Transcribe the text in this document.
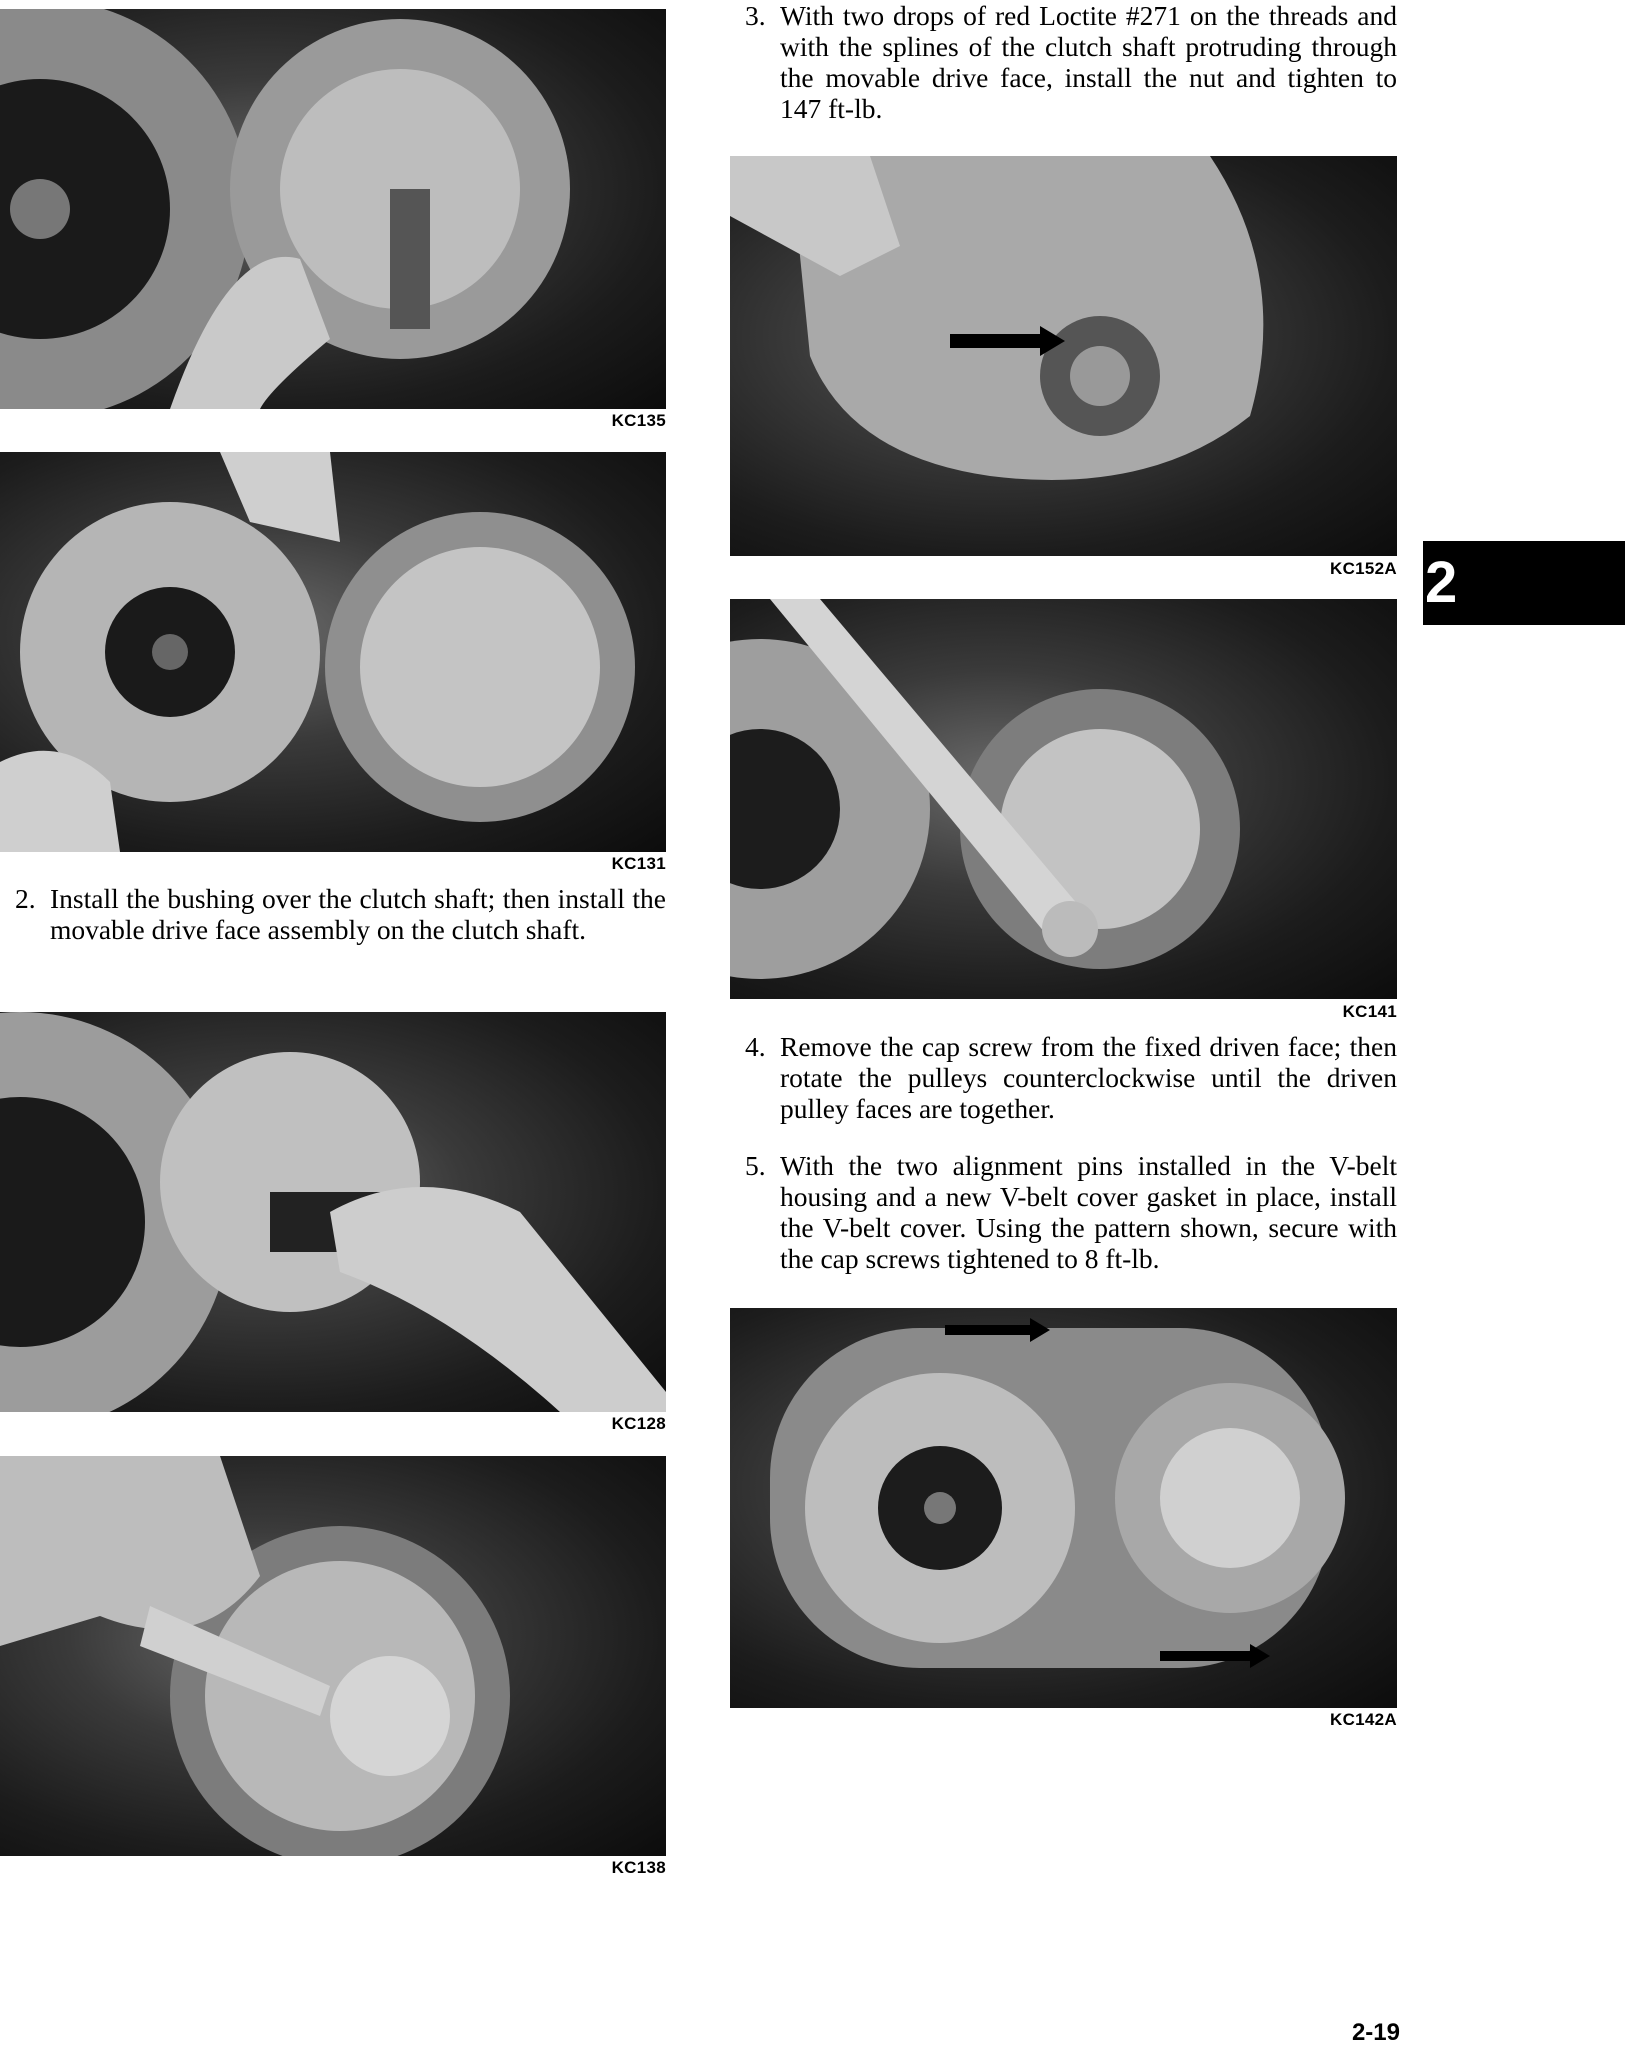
KC135
KC131
2. Install the bushing over the clutch shaft; then install the movable drive face assembly on the clutch shaft.
KC128
KC138
3. With two drops of red Loctite #271 on the threads and with the splines of the clutch shaft protruding through the movable drive face, install the nut and tighten to 147 ft-lb.
KC152A
KC141
4. Remove the cap screw from the fixed driven face; then rotate the pulleys counterclockwise until the driven pulley faces are together.
5. With the two alignment pins installed in the V-belt housing and a new V-belt cover gasket in place, install the V-belt cover. Using the pattern shown, secure with the cap screws tightened to 8 ft-lb.
KC142A
2
2-19
